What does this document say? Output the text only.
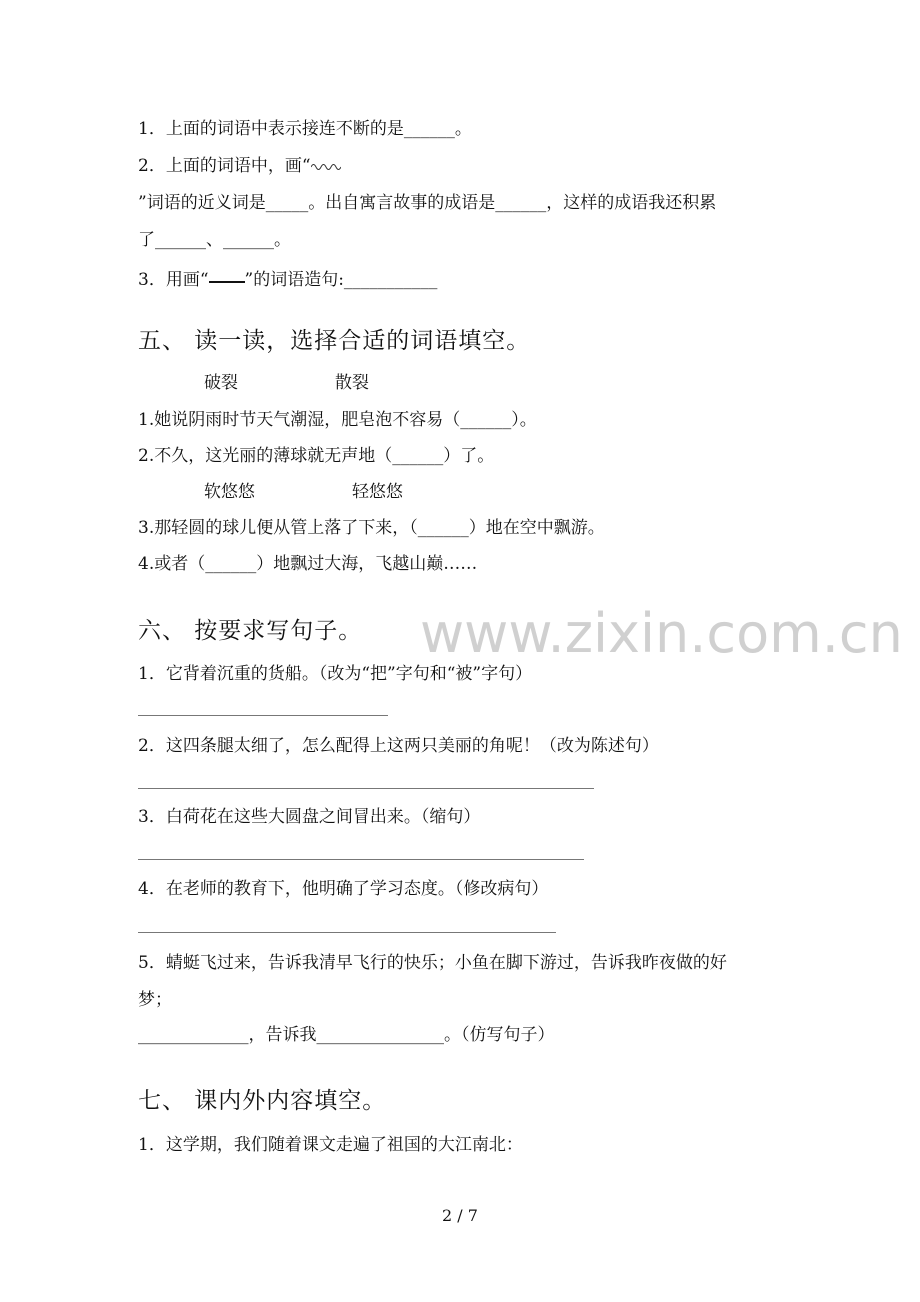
www.zixin.com.cn
1．上面的词语中表示接连不断的是______。
2．上面的词语中，画“
”词语的近义词是_____。出自寓言故事的成语是______，这样的成语我还积累
了______、______。
3．用画“ ”的词语造句:___________
五、 读一读，选择合适的词语填空。
破裂	散裂
1.她说阴雨时节天气潮湿，肥皂泡不容易（______）。
2.不久，这光丽的薄球就无声地（______）了。
软悠悠	轻悠悠
3.那轻圆的球儿便从管上落了下来，（______）地在空中飘游。
4.或者（______）地飘过大海，飞越山巅……
六、 按要求写句子。
1．它背着沉重的货船。（改为“把”字句和“被”字句）
2．这四条腿太细了，怎么配得上这两只美丽的角呢！（改为陈述句）
3．白荷花在这些大圆盘之间冒出来。（缩句）
4．在老师的教育下，他明确了学习态度。（修改病句）
5．蜻蜓飞过来，告诉我清早飞行的快乐；小鱼在脚下游过，告诉我昨夜做的好
梦；
_____________，告诉我_______________。（仿写句子）
七、 课内外内容填空。
1．这学期，我们随着课文走遍了祖国的大江南北：
2 / 7
